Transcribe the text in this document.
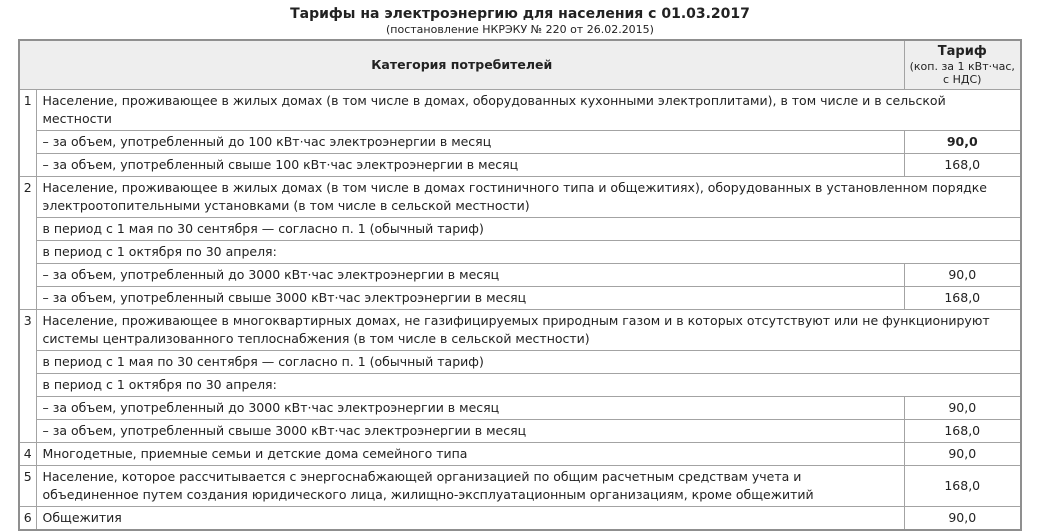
Тарифы на электроэнергию для населения с 01.03.2017
(постановление НКРЭКУ № 220 от 26.02.2015)
Категория потребителей		Тариф
(коп. за 1 кВт·час, с НДС)

1	Население, проживающее в жилых домах (в том числе в домах, оборудованных кухонными электроплитами), в том числе и в сельской местности	
	– за объем, употребленный до 100 кВт·час электроэнергии в месяц	90,0
	– за объем, употребленный свыше 100 кВт·час электроэнергии в месяц	168,0
2	Население, проживающее в жилых домах (в том числе в домах гостиничного типа и общежитиях), оборудованных в установленном порядке электроотопительными установками (в том числе в сельской местности)	
	в период с 1 мая по 30 сентября — согласно п. 1 (обычный тариф)	
	в период с 1 октября по 30 апреля:	
	– за объем, употребленный до 3000 кВт·час электроэнергии в месяц	90,0
	– за объем, употребленный свыше 3000 кВт·час электроэнергии в месяц	168,0
3	Население, проживающее в многоквартирных домах, не газифицируемых природным газом и в которых отсутствуют или не функционируют системы централизованного теплоснабжения (в том числе в сельской местности)	
	в период с 1 мая по 30 сентября — согласно п. 1 (обычный тариф)	
	в период с 1 октября по 30 апреля:	
	– за объем, употребленный до 3000 кВт·час электроэнергии в месяц	90,0
	– за объем, употребленный свыше 3000 кВт·час электроэнергии в месяц	168,0
4	Многодетные, приемные семьи и детские дома семейного типа	90,0
5	Население, которое рассчитывается с энергоснабжающей организацией по общим расчетным средствам учета и объединенное путем создания юридического лица, жилищно-эксплуатационным организациям, кроме общежитий	168,0
6	Общежития	90,0
